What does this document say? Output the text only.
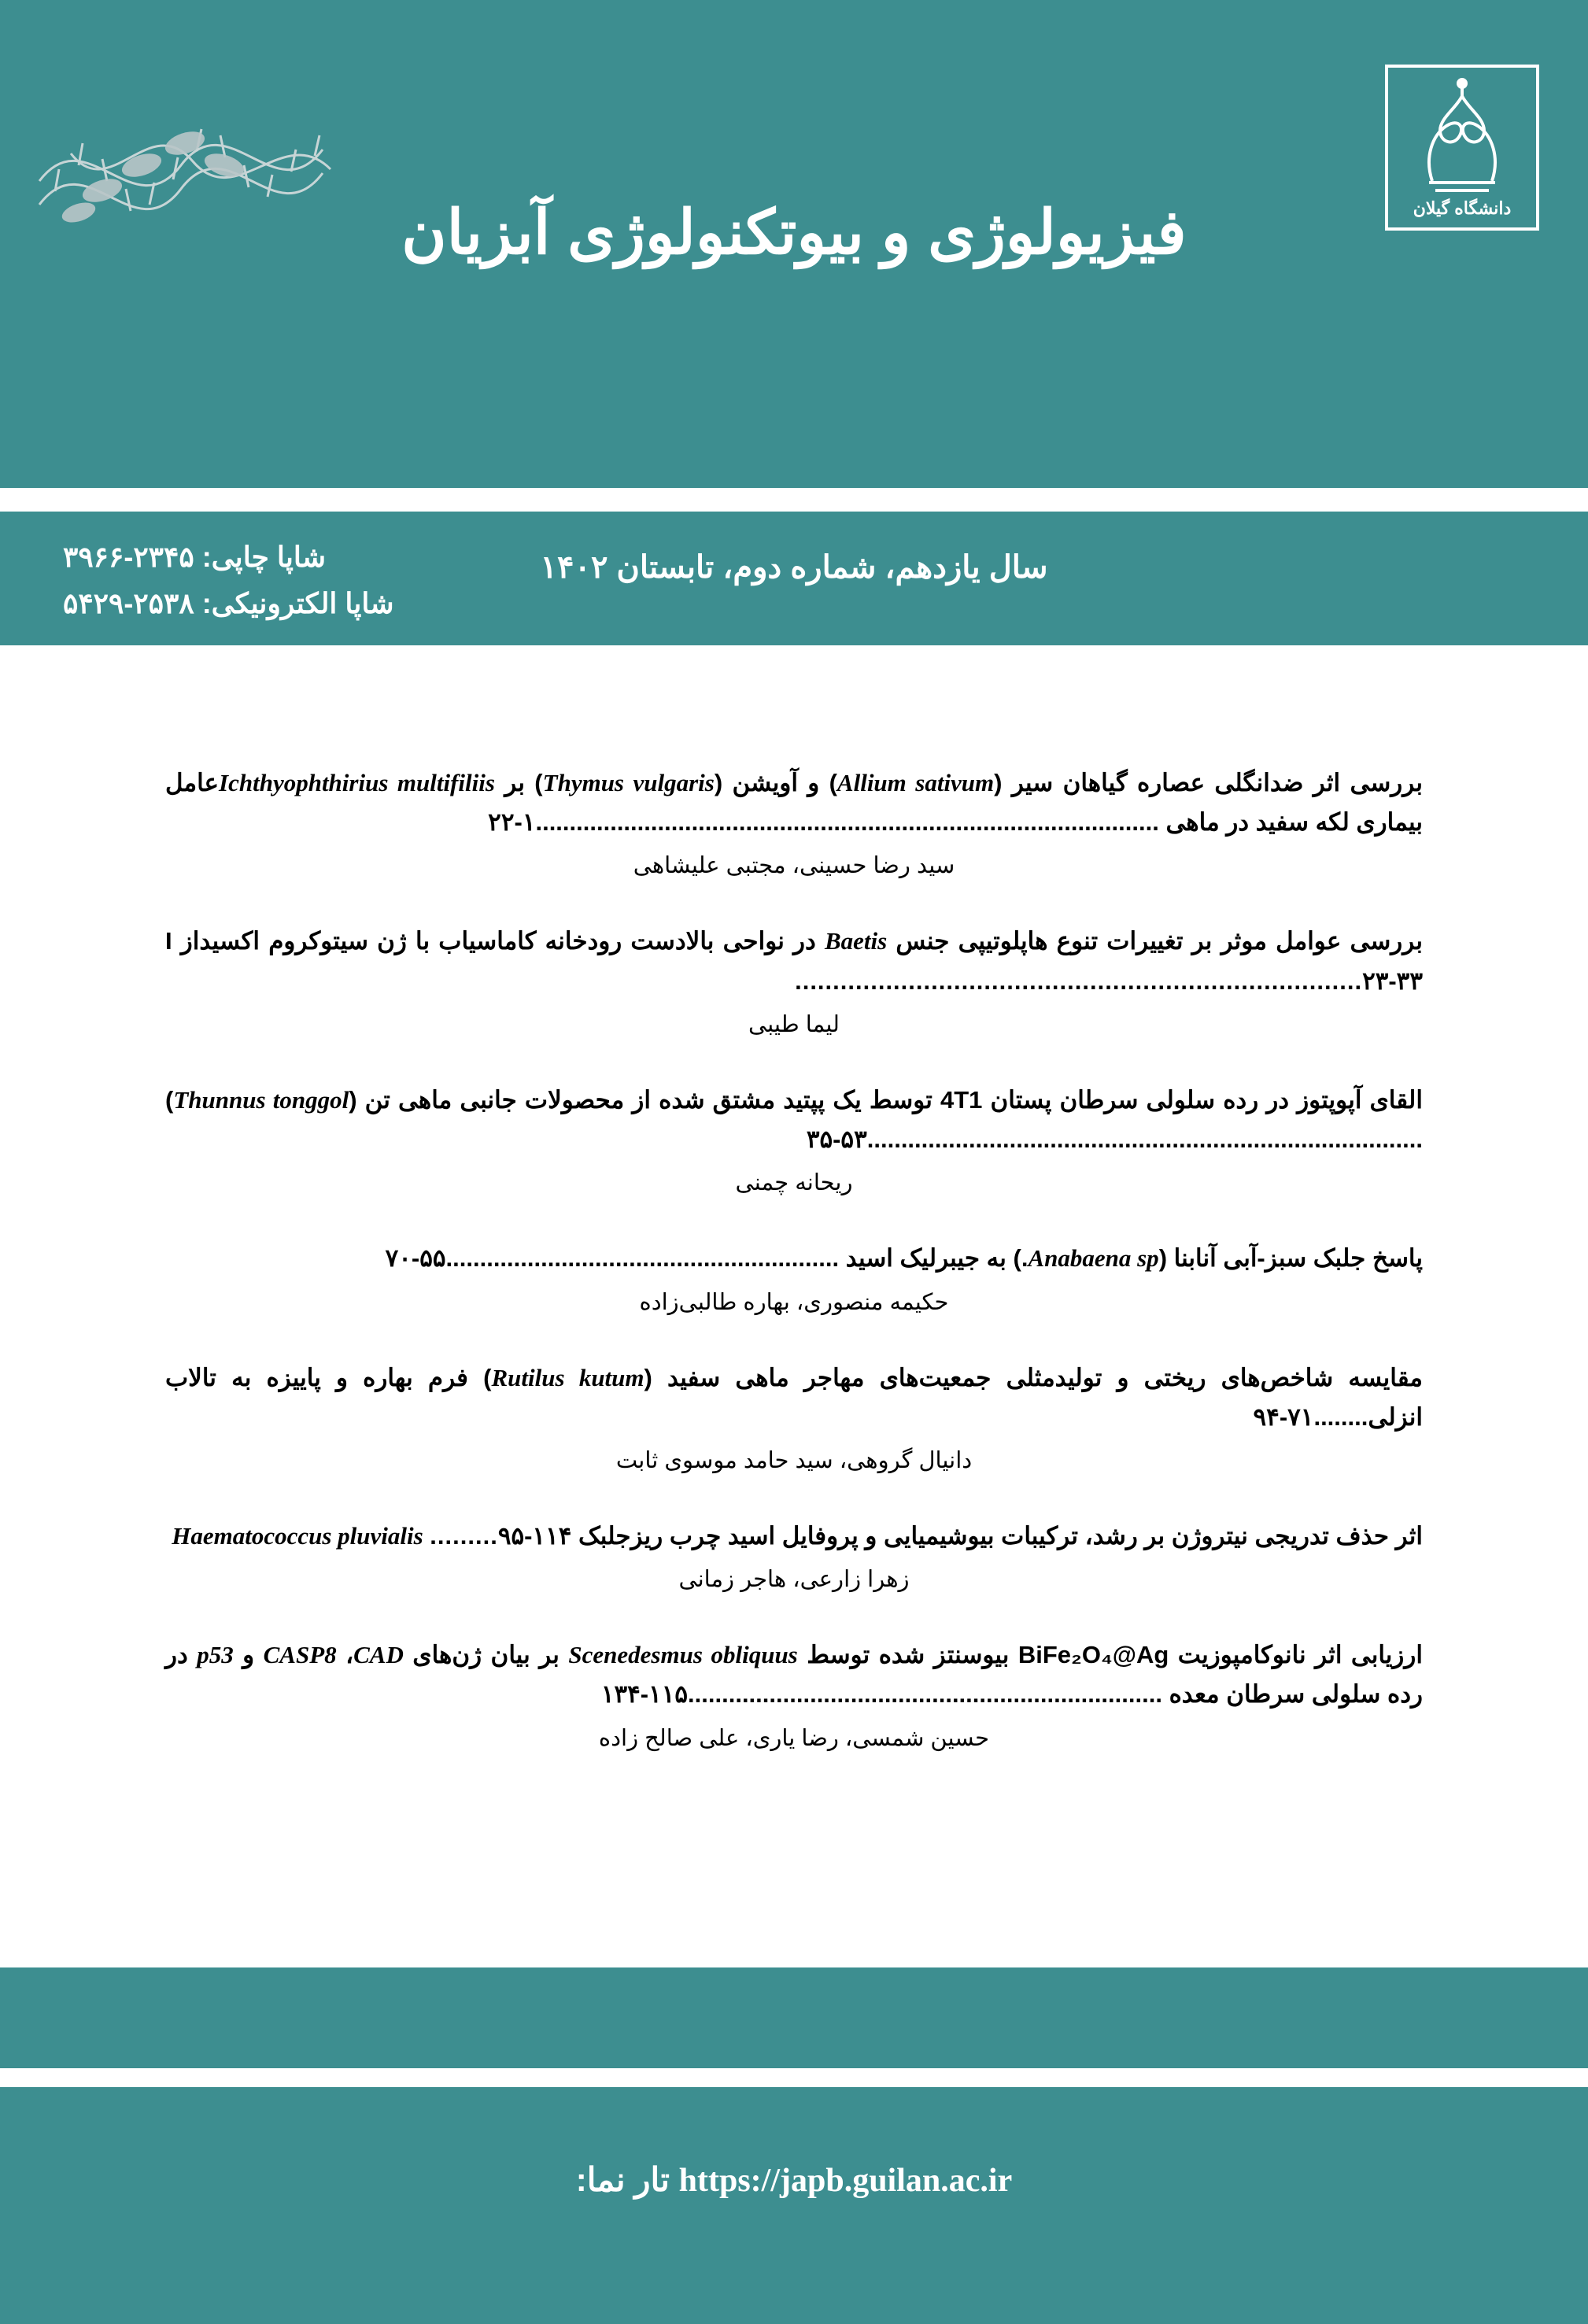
دانشگاه گیلان
فیزیولوژی و بیوتکنولوژی آبزیان
سال یازدهم، شماره دوم، تابستان ۱۴۰۲
شاپا چاپی: ۲۳۴۵-۳۹۶۶
شاپا الکترونیکی: ۲۵۳۸-۵۴۲۹
بررسی اثر ضدانگلی عصاره گیاهان سیر (Allium sativum) و آویشن (Thymus vulgaris) بر Ichthyophthirius multifiliisعامل بیماری لکه سفید در ماهی ............................................................................................۱-۲۲
سید رضا حسینی، مجتبی علیشاهی
بررسی عوامل موثر بر تغییرات تنوع هاپلوتیپی جنس Baetis در نواحی بالادست رودخانه کاماسیاب با ژن سیتوکروم اکسیداز I ...........................................................................۲۳-۳۳
لیما طیبی
القای آپوپتوز در رده سلولی سرطان پستان 4T1 توسط یک پپتید مشتق شده از محصولات جانبی ماهی تن (Thunnus tonggol) ..................................................................................۳۵-۵۳
ریحانه چمنی
پاسخ جلبک سبز-آبی آنابنا (Anabaena sp.) به جیبرلیک اسید ..........................................................۵۵-۷۰
حکیمه منصوری، بهاره طالبی‌زاده
مقایسه شاخص‌های ریختی و تولیدمثلی جمعیت‌های مهاجر ماهی سفید (Rutilus kutum) فرم بهاره و پاییزه به تالاب انزلی........۷۱-۹۴
دانیال گروهی، سید حامد موسوی ثابت
اثر حذف تدریجی نیتروژن بر رشد، ترکیبات بیوشیمیایی و پروفایل اسید چرب ریزجلبک Haematococcus pluvialis .........۹۵-۱۱۴
زهرا زارعی، هاجر زمانی
ارزیابی اثر نانوکامپوزیت BiFe₂O₄@Ag بیوسنتز شده توسط Scenedesmus obliquus بر بیان ژن‌های CASP8 ،CAD و p53 در رده سلولی سرطان معده ......................................................................۱۱۵-۱۳۴
حسین شمسی، رضا یاری، علی صالح زاده
https://japb.guilan.ac.ir تار نما:
